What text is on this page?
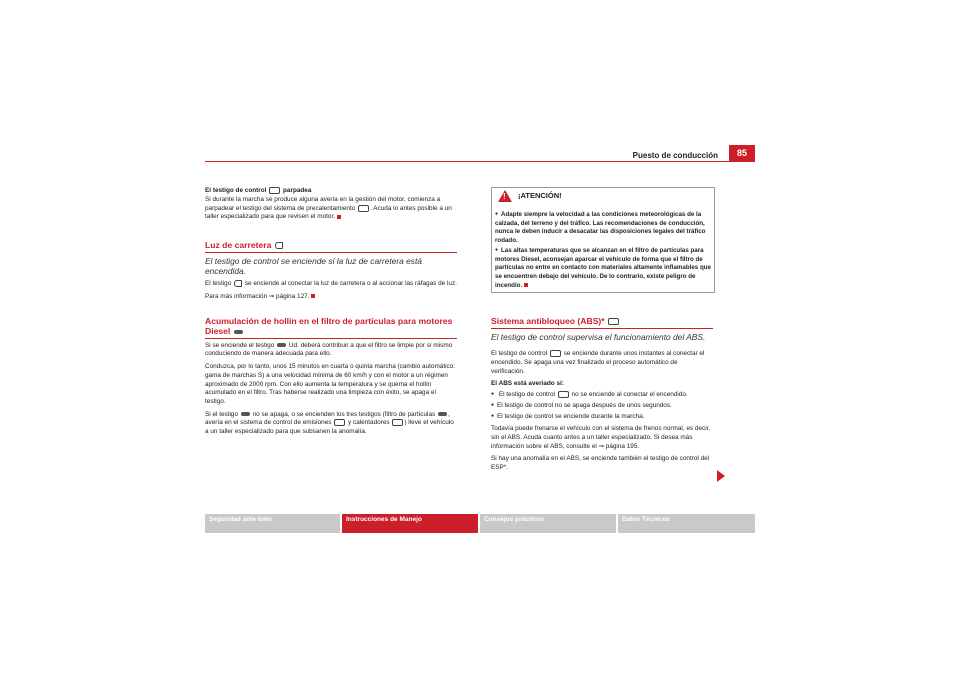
Puesto de conducción	85

El testigo de control	parpadea
Si durante la marcha se produce alguna avería en la gestión del motor, comienza a parpadear el testigo del sistema de precalentamiento . Acuda lo antes posible a un taller especializado para que revisen el motor.

Luz de carretera
El testigo de control se enciende si la luz de carretera está encendida.

El testigo se enciende al conectar la luz de carretera o al accionar las ráfagas de luz.

Para más información ⇒ página 127.

Acumulación de hollín en el filtro de partículas para motores Diesel

Si se enciende el testigo Ud. deberá contribuir a que el filtro se limpie por sí mismo conduciendo de manera adecuada para ello.

Conduzca, por lo tanto, unos 15 minutos en cuarta o quinta marcha (cambio automático: gama de marchas S) a una velocidad mínima de 60 km/h y con el motor a un régimen aproximado de 2000 rpm. Con ello aumenta la temperatura y se quema el hollín acumulado en el filtro. Tras haberse realizado una limpieza con éxito, se apaga el testigo.

Si el testigo no se apaga, o se encienden los tres testigos (filtro de partículas , avería en el sistema de control de emisiones	y calentadores ) lleve el vehículo a un taller especializado para que subsanen la anomalía.

!
¡ATENCIÓN!

● Adapte siempre la velocidad a las condiciones meteorológicas de la calzada, del terreno y del tráfico. Las recomendaciones de conducción, nunca le deben inducir a desacatar las disposiciones legales del tráfico rodado.

● Las altas temperaturas que se alcanzan en el filtro de partículas para motores Diesel, aconsejan aparcar el vehículo de forma que el filtro de partículas no entre en contacto con materiales altamente inflamables que se encuentren debajo del vehículo. De lo contrario, existe peligro de incendio.

Sistema antibloqueo (ABS)*
El testigo de control supervisa el funcionamiento del ABS.

El testigo de control	se enciende durante unos instantes al conectar el encendido. Se apaga una vez finalizado el proceso automático de verificación.

El ABS está averiado si:

● El testigo de control	no se enciende al conectar el encendido.

● El testigo de control no se apaga después de unos segundos.

● El testigo de control se enciende durante la marcha.

Todavía puede frenarse el vehículo con el sistema de frenos normal, es decir, sin el ABS. Acuda cuanto antes a un taller especializado. Si desea más información sobre el ABS, consulte el ⇒ página 195.

Si hay una anomalía en el ABS, se enciende también el testigo de control del ESP*.

Seguridad ante todo	Instrucciones de Manejo	Consejos prácticos	Datos Técnicos
